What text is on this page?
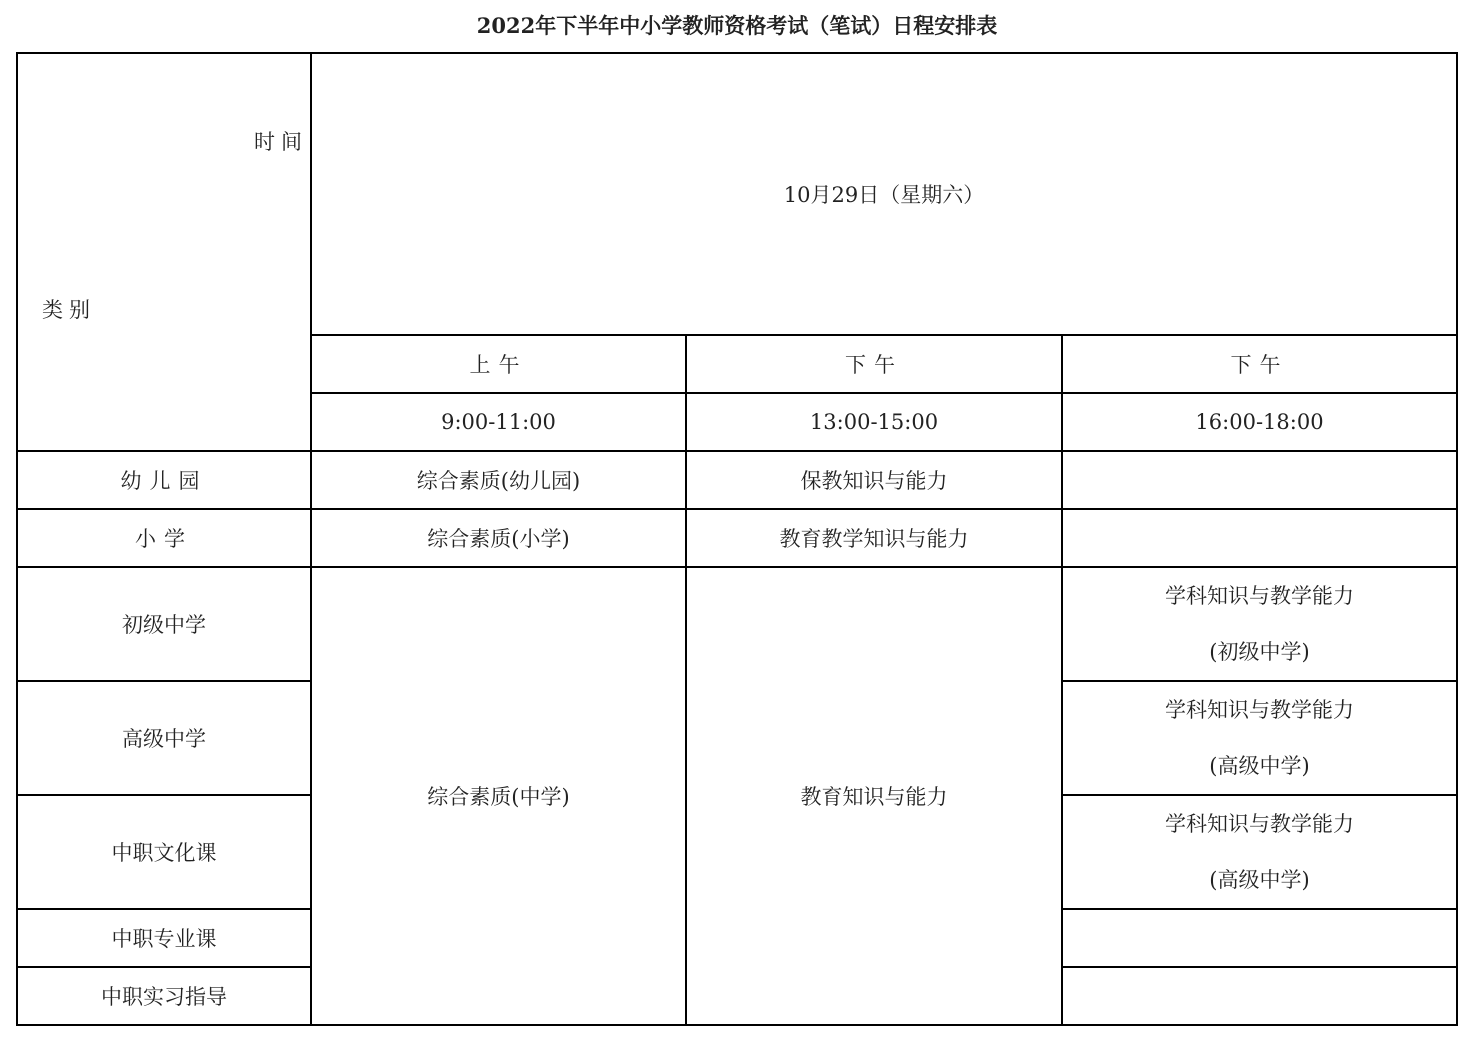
2022年下半年中小学教师资格考试（笔试）日程安排表
时间
类别	10月29日（星期六）		
	上午	下午	下午
	9:00-11:00	13:00-15:00	16:00-18:00
幼儿园	综合素质(幼儿园)	保教知识与能力	
小学	综合素质(小学)	教育教学知识与能力	
初级中学	综合素质(中学)	教育知识与能力	学科知识与教学能力
(初级中学)

高级中学			学科知识与教学能力
(高级中学)

中职文化课			学科知识与教学能力
(高级中学)

中职专业课			
中职实习指导			
